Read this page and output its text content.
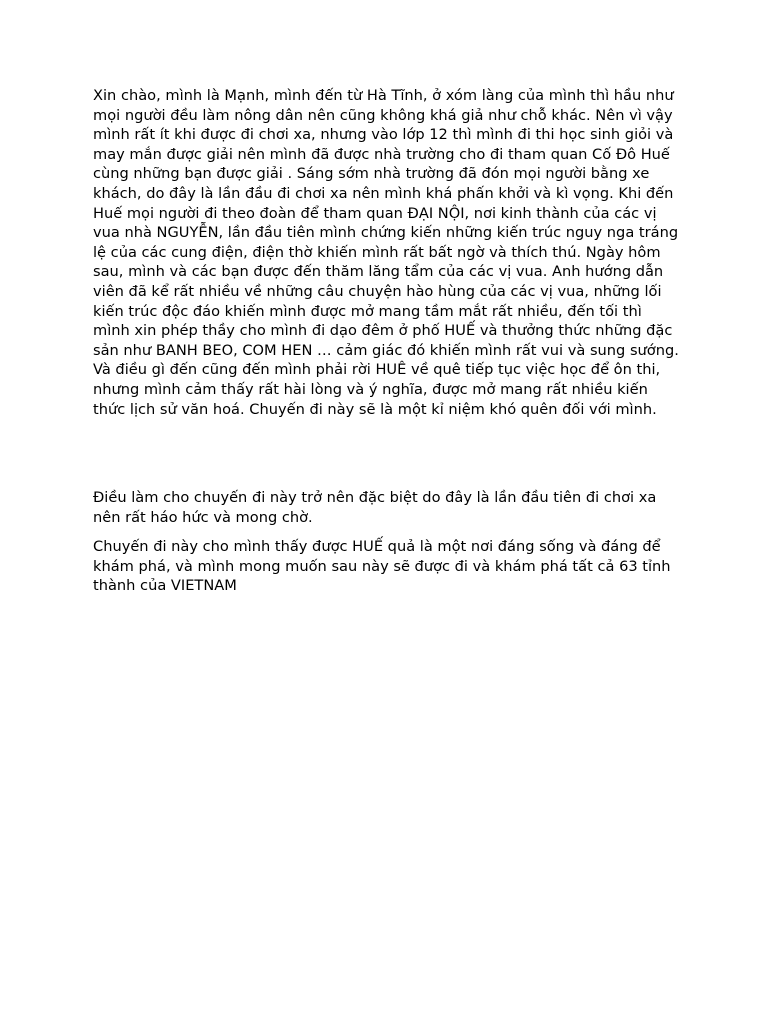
Xin chào, mình là Mạnh, mình đến từ Hà Tĩnh, ở xóm làng của mình thì hầu như mọi người đều làm nông dân nên cũng không khá giả như chỗ khác. Nên vì vậy mình rất ít khi được đi chơi xa, nhưng vào lớp 12 thì mình đi thi học sinh giỏi và may mắn được giải nên mình đã được nhà trường cho đi tham quan Cố Đô Huế cùng những bạn được giải . Sáng sớm nhà trường đã đón mọi người bằng xe khách, do đây là lần đầu đi chơi xa nên mình khá phấn khởi và kì vọng. Khi đến Huế mọi người đi theo đoàn để tham quan ĐẠI NỘI, nơi kinh thành của các vị vua nhà NGUYỄN, lần đầu tiên mình chứng kiến những kiến trúc nguy nga tráng lệ của các cung điện, điện thờ khiến mình rất bất ngờ và thích thú. Ngày hôm sau, mình và các bạn được đến thăm lăng tẩm của các vị vua. Anh hướng dẫn viên đã kể rất nhiều về những câu chuyện hào hùng của các vị vua, những lối  kiến trúc độc đáo khiến mình được mở mang tầm mắt rất nhiều, đến tối thì mình xin phép thầy cho mình đi dạo đêm ở phố HUẾ và thưởng thức những đặc sản như BANH BEO, COM HEN … cảm giác đó khiến mình rất vui và sung sướng. Và điều gì đến cũng đến mình phải rời HUÊ về quê tiếp tục việc học để ôn thi, nhưng mình cảm thấy rất hài lòng và ý nghĩa, được mở mang rất nhiều kiến thức lịch sử văn hoá. Chuyến đi này sẽ là một kỉ niệm khó quên đối với mình.

Điều làm cho chuyến đi này trở nên đặc biệt do đây là lần đầu tiên đi chơi xa nên rất háo hức và mong chờ.

Chuyến đi này cho mình thấy được HUẾ quả là một nơi đáng sống và đáng để khám phá, và mình mong muốn sau này sẽ được đi và khám phá tất cả 63 tỉnh thành của VIETNAM
